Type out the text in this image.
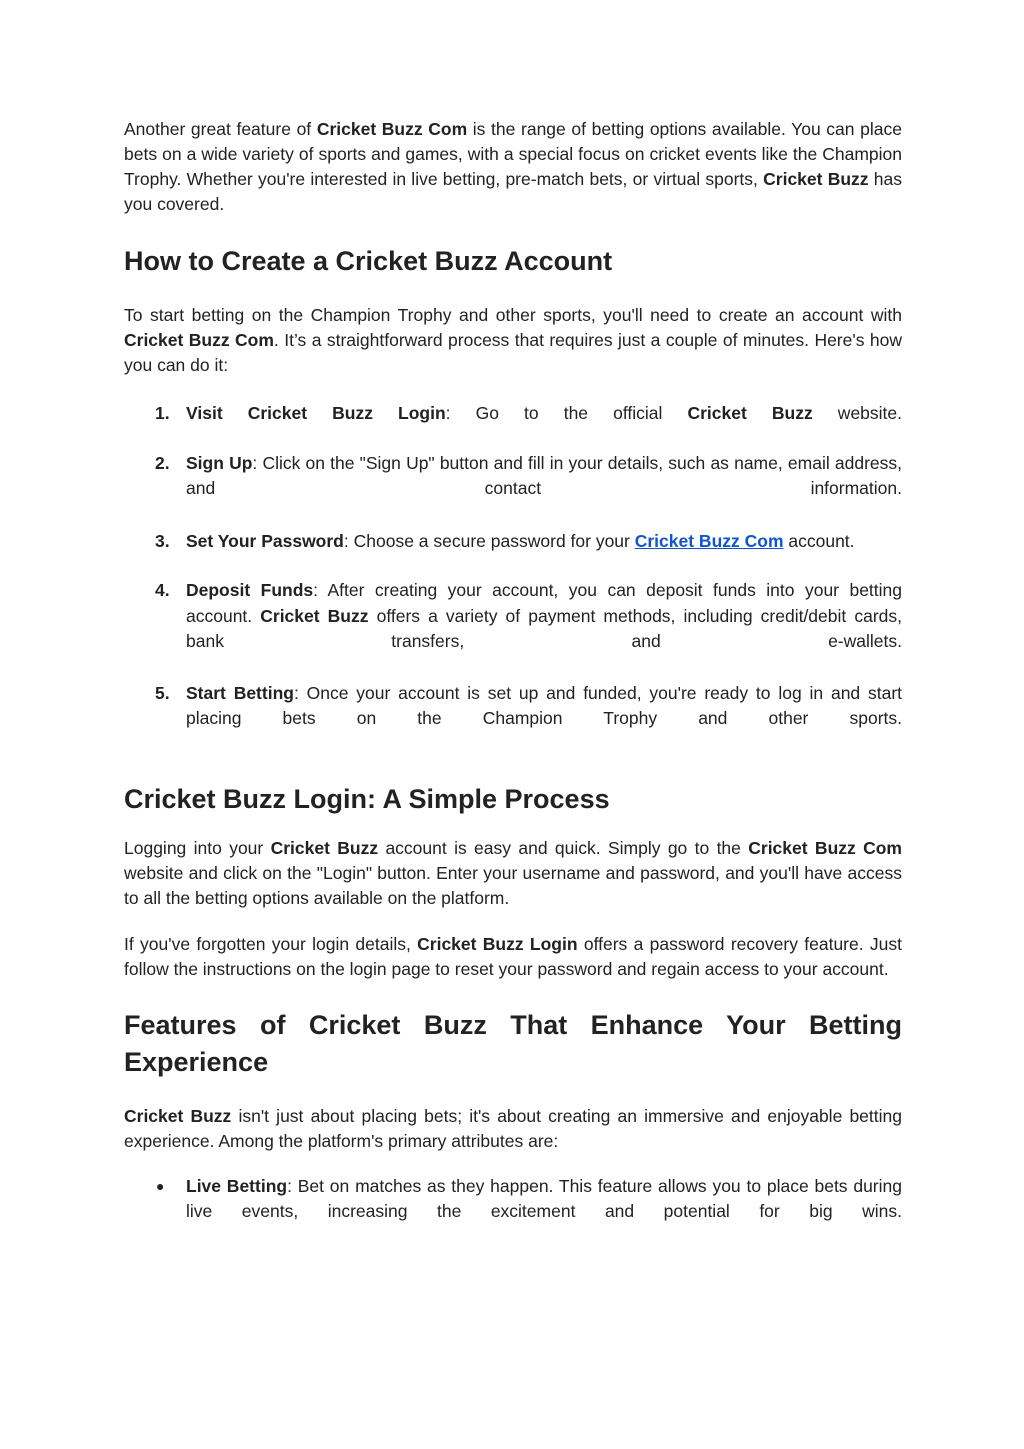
Another great feature of Cricket Buzz Com is the range of betting options available. You can place bets on a wide variety of sports and games, with a special focus on cricket events like the Champion Trophy. Whether you're interested in live betting, pre-match bets, or virtual sports, Cricket Buzz has you covered.

How to Create a Cricket Buzz Account

To start betting on the Champion Trophy and other sports, you'll need to create an account with Cricket Buzz Com. It’s a straightforward process that requires just a couple of minutes. Here's how you can do it:

1. Visit Cricket Buzz Login: Go to the official Cricket Buzz website.
2. Sign Up: Click on the "Sign Up" button and fill in your details, such as name, email address, and contact information.
3. Set Your Password: Choose a secure password for your Cricket Buzz Com account.
4. Deposit Funds: After creating your account, you can deposit funds into your betting account. Cricket Buzz offers a variety of payment methods, including credit/debit cards, bank transfers, and e-wallets.
5. Start Betting: Once your account is set up and funded, you're ready to log in and start placing bets on the Champion Trophy and other sports.
Cricket Buzz Login: A Simple Process

Logging into your Cricket Buzz account is easy and quick. Simply go to the Cricket Buzz Com website and click on the "Login" button. Enter your username and password, and you'll have access to all the betting options available on the platform.

If you've forgotten your login details, Cricket Buzz Login offers a password recovery feature. Just follow the instructions on the login page to reset your password and regain access to your account.

Features of Cricket Buzz That Enhance Your Betting Experience

Cricket Buzz isn't just about placing bets; it's about creating an immersive and enjoyable betting experience. Among the platform's primary attributes are:

● Live Betting: Bet on matches as they happen. This feature allows you to place bets during live events, increasing the excitement and potential for big wins.
